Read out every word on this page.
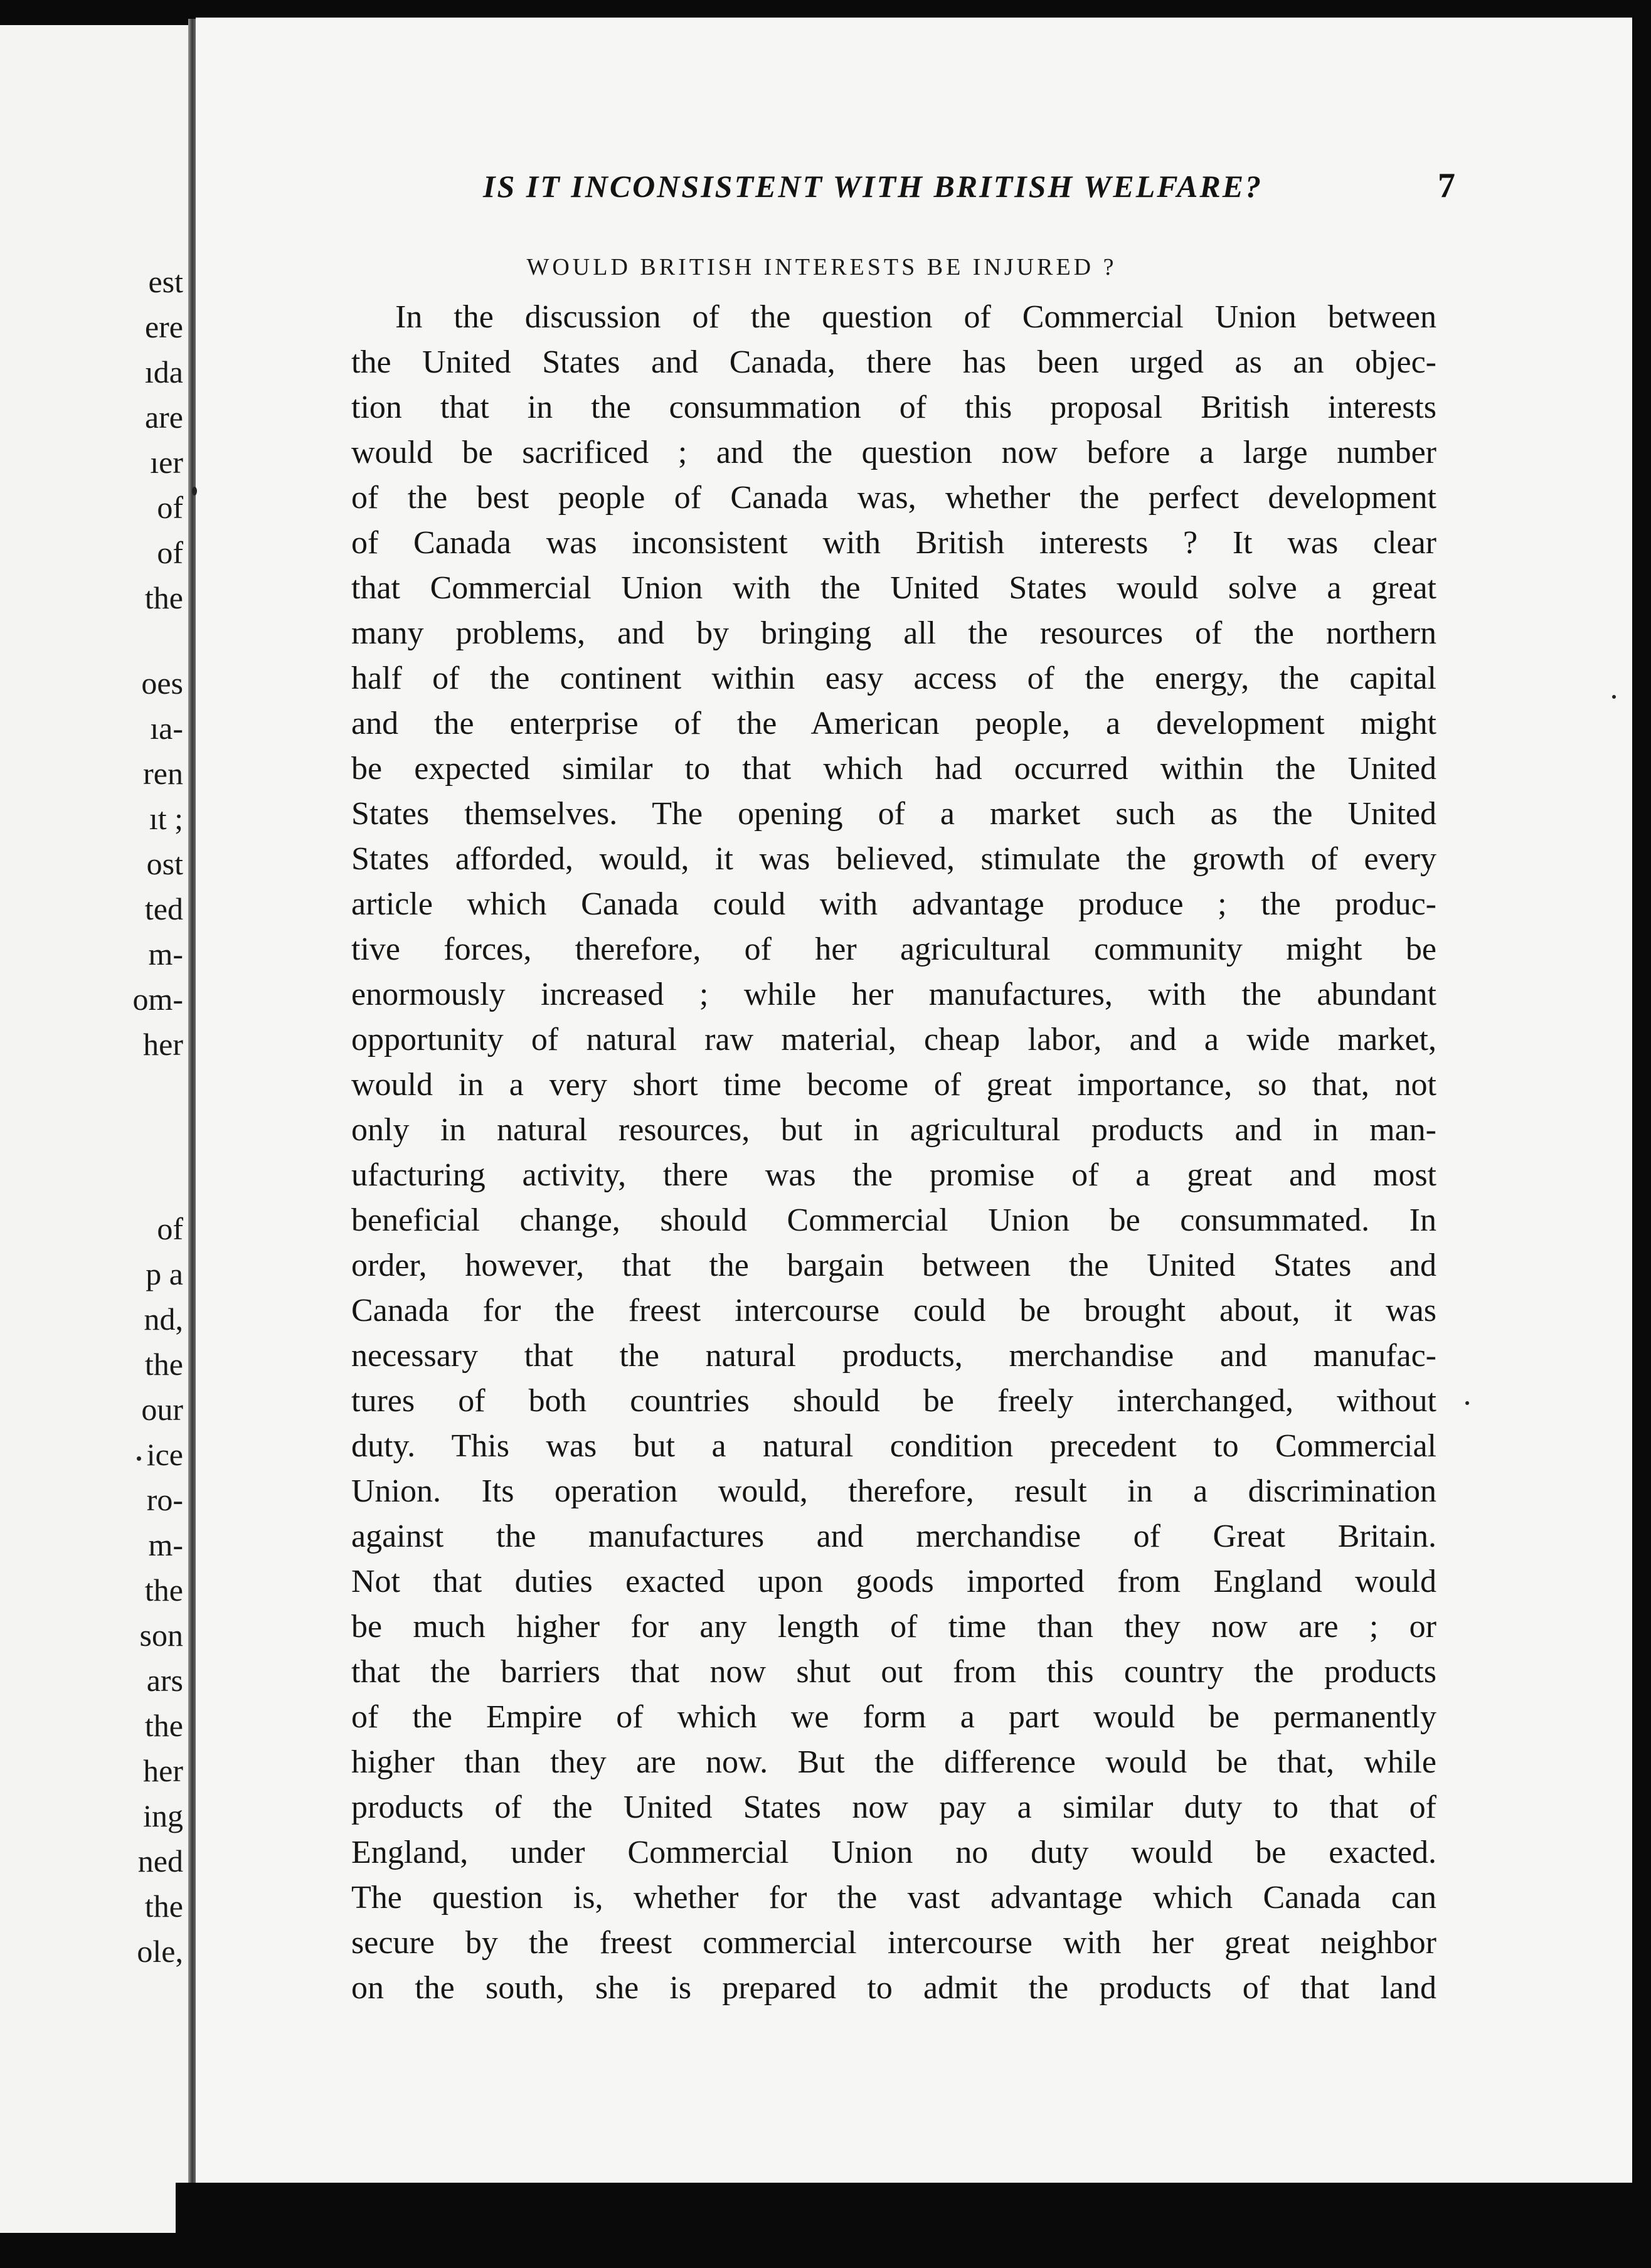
est
ere
ıda
are
ıer
of
of
the
oes
ıa-
ren
ıt ;
ost
ted
m-
om-
her
of
p a
nd,
the
our
ice
ro-
m-
the
son
ars
the
her
ing
ned
the
ole,
IS IT INCONSISTENT WITH BRITISH WELFARE?	7
WOULD BRITISH INTERESTS BE INJURED ?
In the discussion of the question of Commercial Union between
the United States and Canada, there has been urged as an objec-
tion that in the consummation of this proposal British interests
would be sacrificed ; and the question now before a large number
of the best people of Canada was, whether the perfect development
of Canada was inconsistent with British interests ? It was clear
that Commercial Union with the United States would solve a great
many problems, and by bringing all the resources of the northern
half of the continent within easy access of the energy, the capital
and the enterprise of the American people, a development might
be expected similar to that which had occurred within the United
States themselves. The opening of a market such as the United
States afforded, would, it was believed, stimulate the growth of every
article which Canada could with advantage produce ; the produc-
tive forces, therefore, of her agricultural community might be
enormously increased ; while her manufactures, with the abundant
opportunity of natural raw material, cheap labor, and a wide market,
would in a very short time become of great importance, so that, not
only in natural resources, but in agricultural products and in man-
ufacturing activity, there was the promise of a great and most
beneficial change, should Commercial Union be consummated. In
order, however, that the bargain between the United States and
Canada for the freest intercourse could be brought about, it was
necessary that the natural products, merchandise and manufac-
tures of both countries should be freely interchanged, without
duty. This was but a natural condition precedent to Commercial
Union. Its operation would, therefore, result in a discrimination
against the manufactures and merchandise of Great Britain.
Not that duties exacted upon goods imported from England would
be much higher for any length of time than they now are ; or
that the barriers that now shut out from this country the products
of the Empire of which we form a part would be permanently
higher than they are now. But the difference would be that, while
products of the United States now pay a similar duty to that of
England, under Commercial Union no duty would be exacted.
The question is, whether for the vast advantage which Canada can
secure by the freest commercial intercourse with her great neighbor
on the south, she is prepared to admit the products of that land
